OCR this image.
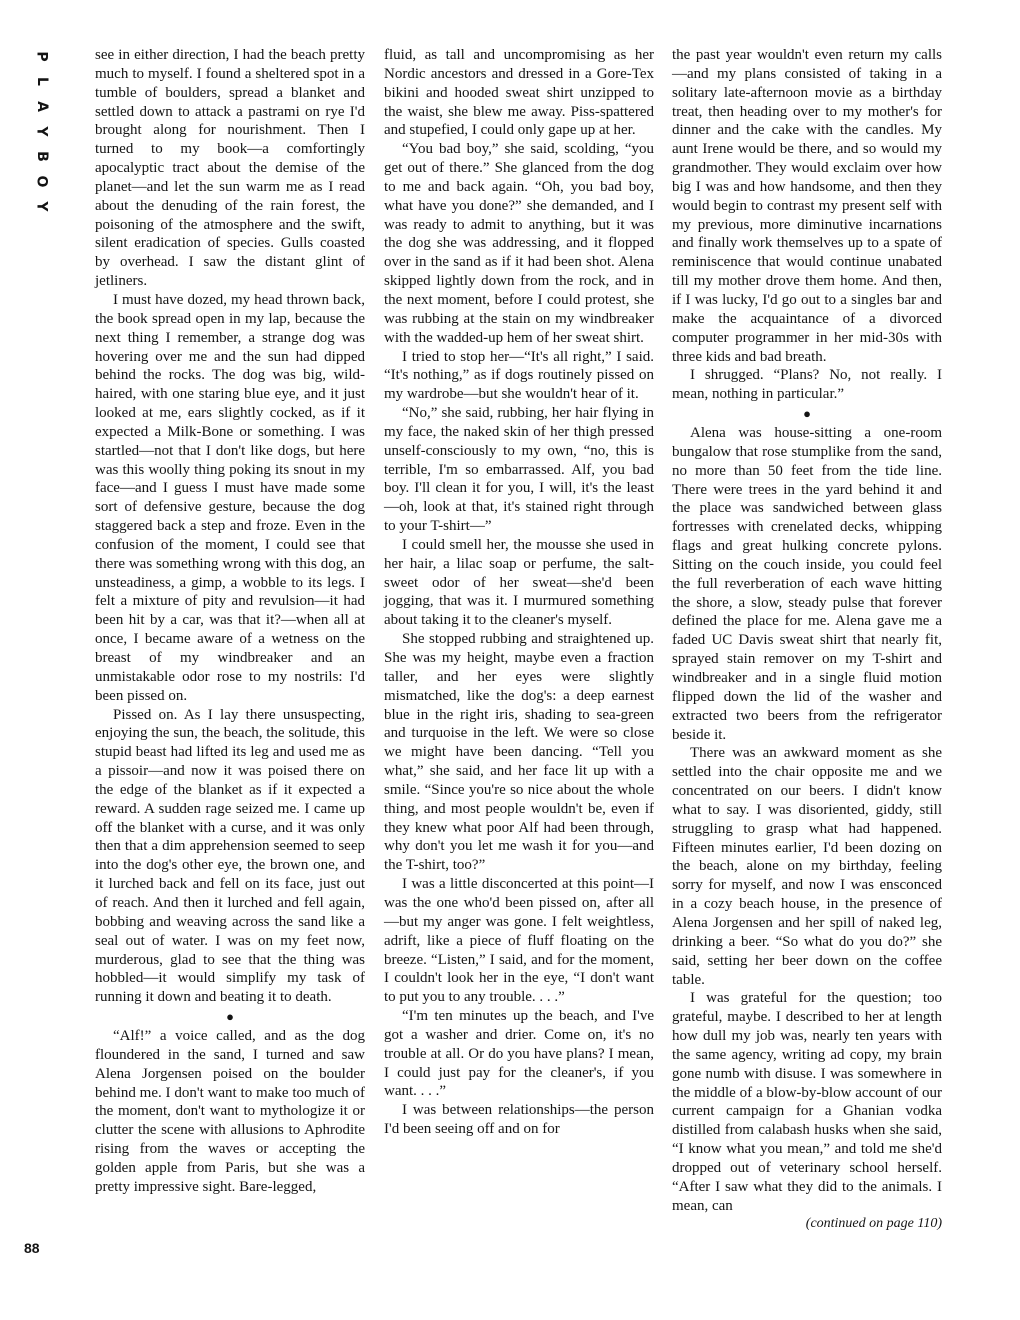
P
L
A
Y
B
O
Y
88

see in either direction, I had the beach pretty much to myself. I found a sheltered spot in a tumble of boulders, spread a blanket and settled down to attack a pastrami on rye I'd brought along for nourishment. Then I turned to my book—a comfortingly apocalyptic tract about the demise of the planet—and let the sun warm me as I read about the denuding of the rain forest, the poisoning of the atmosphere and the swift, silent eradication of species. Gulls coasted by overhead. I saw the distant glint of jetliners.

I must have dozed, my head thrown back, the book spread open in my lap, because the next thing I remember, a strange dog was hovering over me and the sun had dipped behind the rocks. The dog was big, wild-haired, with one staring blue eye, and it just looked at me, ears slightly cocked, as if it expected a Milk-Bone or something. I was startled—not that I don't like dogs, but here was this woolly thing poking its snout in my face—and I guess I must have made some sort of defensive gesture, because the dog staggered back a step and froze. Even in the confusion of the moment, I could see that there was something wrong with this dog, an unsteadiness, a gimp, a wobble to its legs. I felt a mixture of pity and revulsion—it had been hit by a car, was that it?—when all at once, I became aware of a wetness on the breast of my windbreaker and an unmistakable odor rose to my nostrils: I'd been pissed on.

Pissed on. As I lay there unsuspecting, enjoying the sun, the beach, the solitude, this stupid beast had lifted its leg and used me as a pissoir—and now it was poised there on the edge of the blanket as if it expected a reward. A sudden rage seized me. I came up off the blanket with a curse, and it was only then that a dim apprehension seemed to seep into the dog's other eye, the brown one, and it lurched back and fell on its face, just out of reach. And then it lurched and fell again, bobbing and weaving across the sand like a seal out of water. I was on my feet now, murderous, glad to see that the thing was hobbled—it would simplify my task of running it down and beating it to death.

●

“Alf!” a voice called, and as the dog floundered in the sand, I turned and saw Alena Jorgensen poised on the boulder behind me. I don't want to make too much of the moment, don't want to mythologize it or clutter the scene with allusions to Aphrodite rising from the waves or accepting the golden apple from Paris, but she was a pretty impressive sight. Bare-legged,

fluid, as tall and uncompromising as her Nordic ancestors and dressed in a Gore-Tex bikini and hooded sweat shirt unzipped to the waist, she blew me away. Piss-spattered and stupefied, I could only gape up at her.

“You bad boy,” she said, scolding, “you get out of there.” She glanced from the dog to me and back again. “Oh, you bad boy, what have you done?” she demanded, and I was ready to admit to anything, but it was the dog she was addressing, and it flopped over in the sand as if it had been shot. Alena skipped lightly down from the rock, and in the next moment, before I could protest, she was rubbing at the stain on my windbreaker with the wadded-up hem of her sweat shirt.

I tried to stop her—“It's all right,” I said. “It's nothing,” as if dogs routinely pissed on my wardrobe—but she wouldn't hear of it.

“No,” she said, rubbing, her hair flying in my face, the naked skin of her thigh pressed unself-consciously to my own, “no, this is terrible, I'm so embarrassed. Alf, you bad boy. I'll clean it for you, I will, it's the least—oh, look at that, it's stained right through to your T-shirt—”

I could smell her, the mousse she used in her hair, a lilac soap or perfume, the salt-sweet odor of her sweat—she'd been jogging, that was it. I murmured something about taking it to the cleaner's myself.

She stopped rubbing and straightened up. She was my height, maybe even a fraction taller, and her eyes were slightly mismatched, like the dog's: a deep earnest blue in the right iris, shading to sea-green and turquoise in the left. We were so close we might have been dancing. “Tell you what,” she said, and her face lit up with a smile. “Since you're so nice about the whole thing, and most people wouldn't be, even if they knew what poor Alf had been through, why don't you let me wash it for you—and the T-shirt, too?”

I was a little disconcerted at this point—I was the one who'd been pissed on, after all—but my anger was gone. I felt weightless, adrift, like a piece of fluff floating on the breeze. “Listen,” I said, and for the moment, I couldn't look her in the eye, “I don't want to put you to any trouble. . . .”

“I'm ten minutes up the beach, and I've got a washer and drier. Come on, it's no trouble at all. Or do you have plans? I mean, I could just pay for the cleaner's, if you want. . . .”

I was between relationships—the person I'd been seeing off and on for

the past year wouldn't even return my calls—and my plans consisted of taking in a solitary late-afternoon movie as a birthday treat, then heading over to my mother's for dinner and the cake with the candles. My aunt Irene would be there, and so would my grandmother. They would exclaim over how big I was and how handsome, and then they would begin to contrast my present self with my previous, more diminutive incarnations and finally work themselves up to a spate of reminiscence that would continue unabated till my mother drove them home. And then, if I was lucky, I'd go out to a singles bar and make the acquaintance of a divorced computer programmer in her mid-30s with three kids and bad breath.

I shrugged. “Plans? No, not really. I mean, nothing in particular.”

●

Alena was house-sitting a one-room bungalow that rose stumplike from the sand, no more than 50 feet from the tide line. There were trees in the yard behind it and the place was sandwiched between glass fortresses with crenelated decks, whipping flags and great hulking concrete pylons. Sitting on the couch inside, you could feel the full reverberation of each wave hitting the shore, a slow, steady pulse that forever defined the place for me. Alena gave me a faded UC Davis sweat shirt that nearly fit, sprayed stain remover on my T-shirt and windbreaker and in a single fluid motion flipped down the lid of the washer and extracted two beers from the refrigerator beside it.

There was an awkward moment as she settled into the chair opposite me and we concentrated on our beers. I didn't know what to say. I was disoriented, giddy, still struggling to grasp what had happened. Fifteen minutes earlier, I'd been dozing on the beach, alone on my birthday, feeling sorry for myself, and now I was ensconced in a cozy beach house, in the presence of Alena Jorgensen and her spill of naked leg, drinking a beer. “So what do you do?” she said, setting her beer down on the coffee table.

I was grateful for the question; too grateful, maybe. I described to her at length how dull my job was, nearly ten years with the same agency, writing ad copy, my brain gone numb with disuse. I was somewhere in the middle of a blow-by-blow account of our current campaign for a Ghanian vodka distilled from calabash husks when she said, “I know what you mean,” and told me she'd dropped out of veterinary school herself. “After I saw what they did to the animals. I mean, can

(continued on page 110)
